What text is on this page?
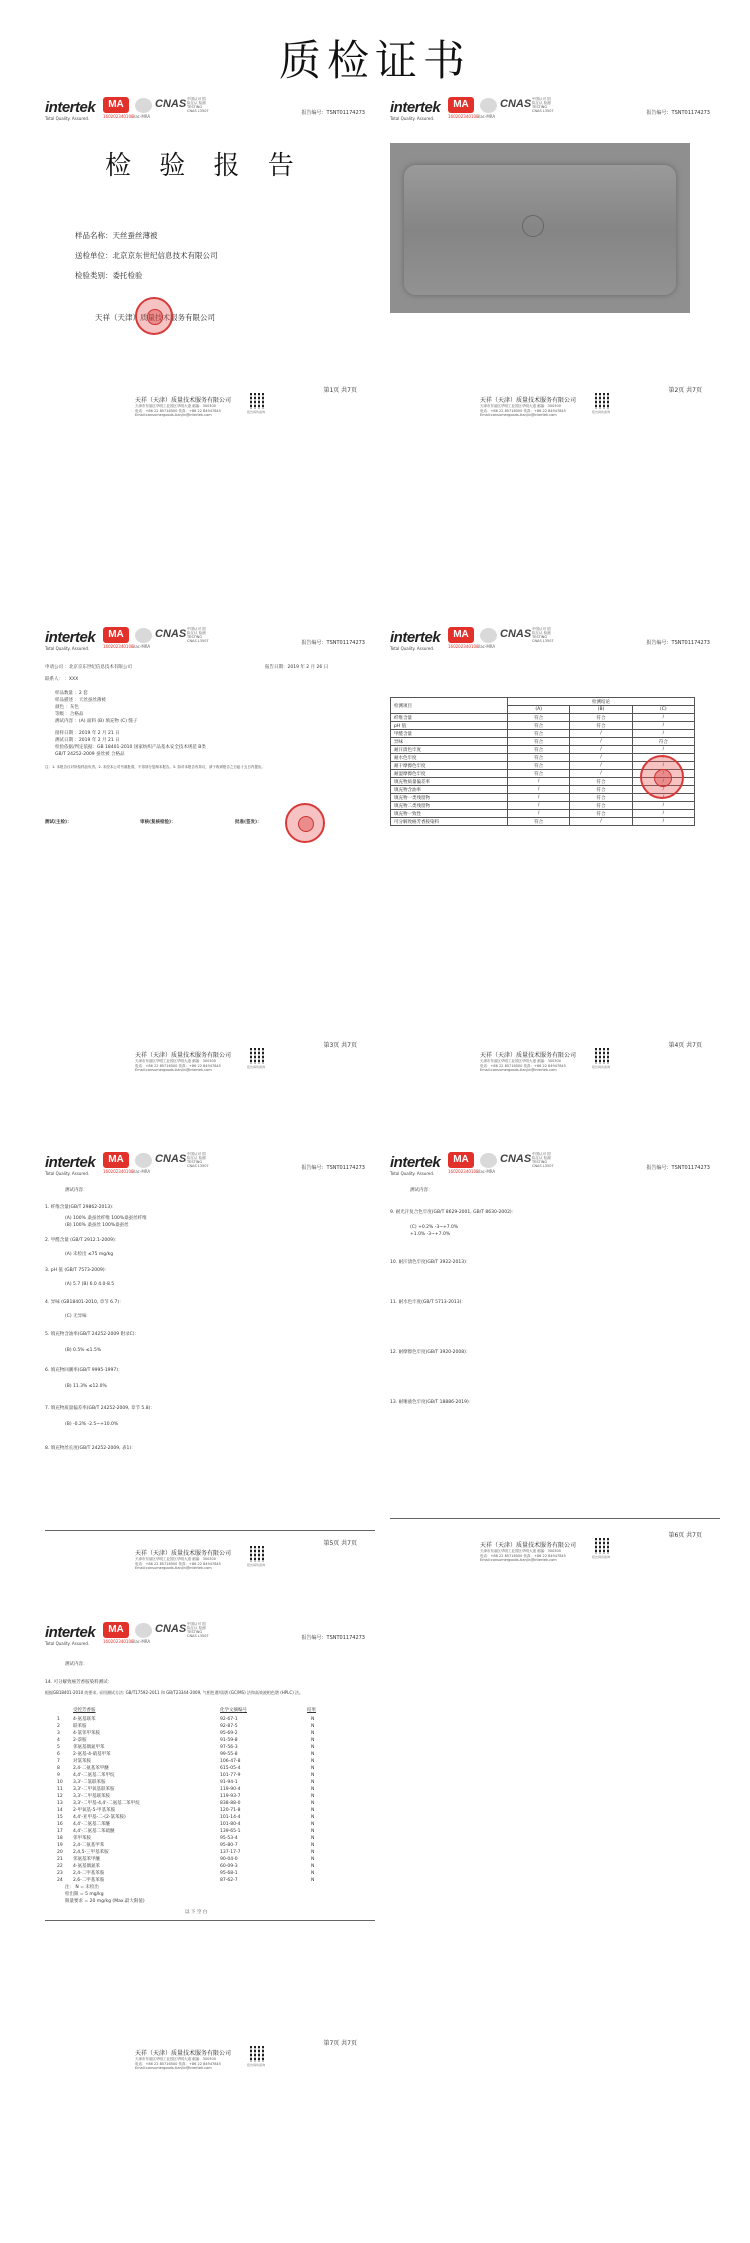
质检证书
intertek
Total Quality. Assured.
MA
160202340108 ilac-MRA
CNAS 中国认可 国际互认 检测 TESTING CNAS L3507	报告编号：TSNT01174273
检 验 报 告
样品名称：天丝蚕丝薄被
送检单位：北京京东世纪信息技术有限公司
检验类别：委托检验
天祥（天津）质量技术服务有限公司
第1页 共7页
天祥（天津）质量技术服务有限公司
天津市东丽区华明工业园区华明大道 邮编：300300
电话：+86 22 85716500 传真：+86 22 84947845
Email:consumergoods-tianjin@intertek.com
报告真伪查询
intertek
Total Quality. Assured.
MA
160202340108 ilac-MRA
CNAS 中国认可 国际互认 检测 TESTING CNAS L3507	报告编号：TSNT01174273
第2页 共7页
天祥（天津）质量技术服务有限公司
天津市东丽区华明工业园区华明大道 邮编：300300
电话：+86 22 85716500 传真：+86 22 84947845
Email:consumergoods-tianjin@intertek.com
报告真伪查询
intertek
Total Quality. Assured.
MA
160202340108 ilac-MRA
CNAS 中国认可 国际互认 检测 TESTING CNAS L3507	报告编号：TSNT01174273
申请公司 ：北京京东世纪信息技术有限公司	报告日期：2019 年 2 月 26 日
联系人： ：XXX
样品数量 ：2 套
样品描述 ：天丝蚕丝薄被
颜色 ：灰色
等级 ：合格品
测试内容 ：(A) 面料 (B) 填充物 (C) 缝子
接样日期 ：2019 年 2 月 21 日
测试日期 ：2019 年 2 月 21 日
检验依据/判定依据：GB 18401-2010 国家纺织产品基本安全技术规范 B类
GB/T 24252-2009 蚕丝被 合格品
注：1. 本报告仅对所检样品负责。2. 未经本公司书面批准，不得部分复制本报告。3. 如对本报告有异议，请于收到报告之日起十五日内提出。
测试(主检)：	审核(复核检验)：	批准(签发)：
第3页 共7页
天祥（天津）质量技术服务有限公司
天津市东丽区华明工业园区华明大道 邮编：300300
电话：+86 22 85716500 传真：+86 22 84947845
Email:consumergoods-tianjin@intertek.com
报告真伪查询
intertek
Total Quality. Assured.
MA
160202340108 ilac-MRA
CNAS 中国认可 国际互认 检测 TESTING CNAS L3507	报告编号：TSNT01174273
检测项目	检测结论		
	(A)	(B)	(C)
纤维含量	符合	符合	/
pH 值	符合	符合	/
甲醛含量	符合	/	/
异味	符合	/	符合
耐汗渍色牢度	符合	/	/
耐水色牢度	符合	/	/
耐干摩擦色牢度	符合	/	/
耐湿摩擦色牢度	符合	/	/
填充物质量偏差率	/	符合	/
填充物含油率	/	符合	/
填充物一类残留物	/	符合	/
填充物二类残留物	/	符合	/
填充物一致性	/	符合	/
可分解致癌芳香胺染料	符合	/	/
第4页 共7页
天祥（天津）质量技术服务有限公司
天津市东丽区华明工业园区华明大道 邮编：300300
电话：+86 22 85716500 传真：+86 22 84947845
Email:consumergoods-tianjin@intertek.com
报告真伪查询
intertek
Total Quality. Assured.
MA
160202340108 ilac-MRA
CNAS 中国认可 国际互认 检测 TESTING CNAS L3507	报告编号：TSNT01174273
测试内容：
1. 纤维含量(GB/T 29862-2013)：
(A) 100% 桑蚕丝纤维 100%桑蚕丝纤维
(B) 100% 桑蚕丝 100%桑蚕丝
2. 甲醛含量 (GB/T 2912.1-2009)：
(A) 未检出 ≤75 mg/kg
3. pH 值 (GB/T 7573-2009)：
(A) 5.7 (B) 6.0 4.0-8.5
4. 异味 (GB18401-2010, 章节 6.7)：
(C) 无异味
5. 填充物含油率(GB/T 24252-2009 附录C)：
(B) 0.5% ≤1.5%
6. 填充物回潮率(GB/T 9995-1997)：
(B) 11.3% ≤12.0%
7. 填充物质量偏差率(GB/T 24252-2009, 章节 5.8)：
(B) -0.2% -2.5~+10.0%
8. 填充物丝长度(GB/T 24252-2009, 表1)：
第5页 共7页
天祥（天津）质量技术服务有限公司
天津市东丽区华明工业园区华明大道 邮编：300300
电话：+86 22 85716500 传真：+86 22 84947845
Email:consumergoods-tianjin@intertek.com
报告真伪查询
intertek
Total Quality. Assured.
MA
160202340108 ilac-MRA
CNAS 中国认可 国际互认 检测 TESTING CNAS L3507	报告编号：TSNT01174273
测试内容：
9. 耐光汗复合色牢度(GB/T 8629-2001, GB/T 8630-2002)：
(C) +0.2% -3~+7.0%
+1.0% -3~+7.0%
10. 耐汗渍色牢度(GB/T 3922-2013)：
11. 耐水色牢度(GB/T 5713-2013)：
12. 耐摩擦色牢度(GB/T 3920-2008)：
13. 耐唾液色牢度(GB/T 18886-2019)：
第6页 共7页
天祥（天津）质量技术服务有限公司
天津市东丽区华明工业园区华明大道 邮编：300300
电话：+86 22 85716500 传真：+86 22 84947845
Email:consumergoods-tianjin@intertek.com
报告真伪查询
intertek
Total Quality. Assured.
MA
160202340108 ilac-MRA
CNAS 中国认可 国际互认 检测 TESTING CNAS L3507	报告编号：TSNT01174273
测试内容：
14. 可分解致癌芳香胺染料测试：
根据GB18401-2010 的要求, 采用测试方法: GB/T17592-2011 和 GB/T23344-2009, 气相色谱/质谱 (GC/MS) 法和高效液相色谱 (HPLC) 法。
受控芳香胺	化学文摘编号	结果
1	4-氨基联苯	92-67-1	N
2	联苯胺	92-87-5	N
3	4-氯邻甲苯胺	95-69-2	N
4	2-萘胺	91-59-8	N
5	邻氨基偶氮甲苯	97-56-3	N
6	2-氨基-4-硝基甲苯	99-55-8	N
7	对氯苯胺	106-47-8	N
8	2,4-二氨基苯甲醚	615-05-4	N
9	4,4'-二氨基二苯甲烷	101-77-9	N
10 3,3'-二氯联苯胺	91-94-1	N
11 3,3'-二甲氧基联苯胺	119-90-4	N
12 3,3'-二甲基联苯胺	119-93-7	N
13 3,3'-二甲基-4,4'-二氨基二苯甲烷	838-88-0	N
14 2-甲氧基-5-甲基苯胺	120-71-8	N
15 4,4'-亚甲基-二-(2-氯苯胺)	101-14-4	N
16 4,4'-二氨基二苯醚	101-80-4	N
17 4,4'-二氨基二苯硫醚	139-65-1	N
18 邻甲苯胺	95-53-4	N
19 2,4-二氨基甲苯	95-80-7	N
20 2,4,5-三甲基苯胺	137-17-7	N
21 邻氨基苯甲醚	90-04-0	N
22 4-氨基偶氮苯	60-09-3	N
23 2,4-二甲基苯胺	95-68-1	N
24 2,6-二甲基苯胺	87-62-7	N
注： N = 未检出
检出限 = 5 mg/kg
限量要求 = 20 mg/kg (Max.最大限值)
以 下 空 白
第7页 共7页
天祥（天津）质量技术服务有限公司
天津市东丽区华明工业园区华明大道 邮编：300300
电话：+86 22 85716500 传真：+86 22 84947845
Email:consumergoods-tianjin@intertek.com
报告真伪查询
